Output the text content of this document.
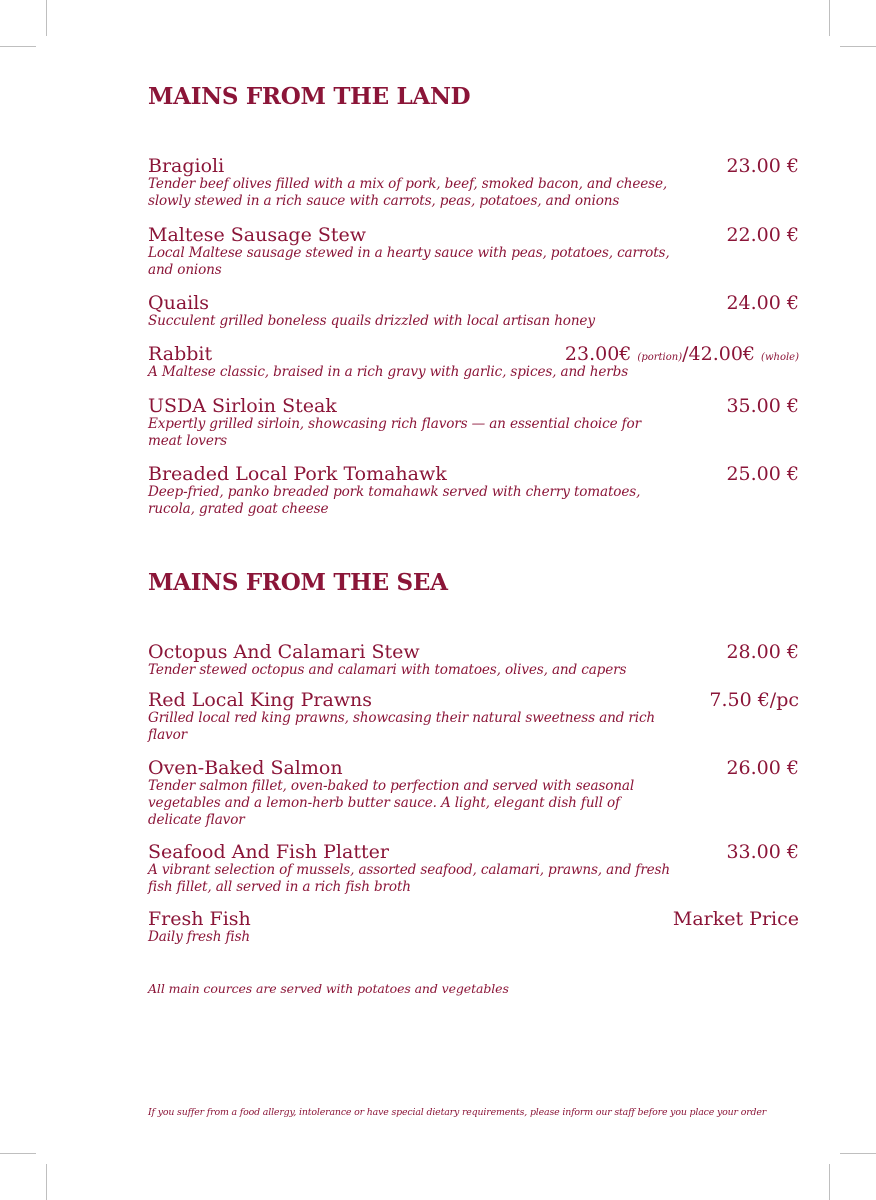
MAINS FROM THE LAND
Bragioli	23.00 €
Tender beef olives filled with a mix of pork, beef, smoked bacon, and cheese, slowly stewed in a rich sauce with carrots, peas, potatoes, and onions
Maltese Sausage Stew	22.00 €
Local Maltese sausage stewed in a hearty sauce with peas, potatoes, carrots, and onions
Quails	24.00 €
Succulent grilled boneless quails drizzled with local artisan honey
Rabbit	23.00€ (portion)/42.00€ (whole)
A Maltese classic, braised in a rich gravy with garlic, spices, and herbs
USDA Sirloin Steak	35.00 €
Expertly grilled sirloin, showcasing rich flavors — an essential choice for meat lovers
Breaded Local Pork Tomahawk	25.00 €
Deep-fried, panko breaded pork tomahawk served with cherry tomatoes, rucola, grated goat cheese
MAINS FROM THE SEA
Octopus And Calamari Stew	28.00 €
Tender stewed octopus and calamari with tomatoes, olives, and capers
Red Local King Prawns	7.50 €/pc
Grilled local red king prawns, showcasing their natural sweetness and rich flavor
Oven-Baked Salmon	26.00 €
Tender salmon fillet, oven-baked to perfection and served with seasonal vegetables and a lemon-herb butter sauce. A light, elegant dish full of delicate flavor
Seafood And Fish Platter	33.00 €
A vibrant selection of mussels, assorted seafood, calamari, prawns, and fresh fish fillet, all served in a rich fish broth
Fresh Fish	Market Price
Daily fresh fish

All main cources are served with potatoes and vegetables

If you suffer from a food allergy, intolerance or have special dietary requirements, please inform our staff before you place your order
